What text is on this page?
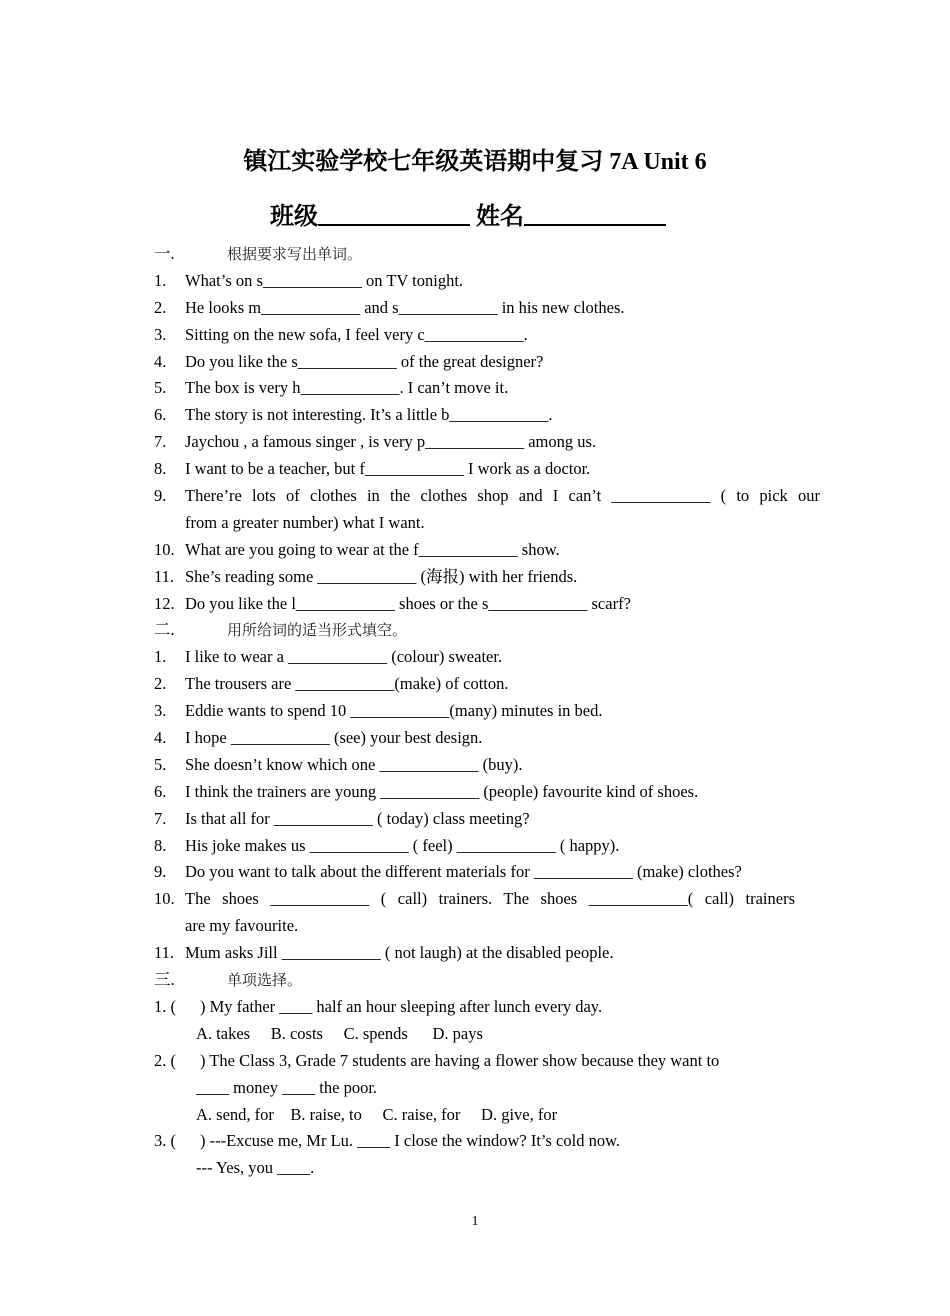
镇江实验学校七年级英语期中复习 7A Unit 6
班级	姓名
一.	根据要求写出单词。
1. What’s on s____________ on TV tonight.
2. He looks m____________ and s____________ in his new clothes.
3. Sitting on the new sofa, I feel very c____________.
4. Do you like the s____________ of the great designer?
5. The box is very h____________. I can’t move it.
6. The story is not interesting. It’s a little b____________.
7. Jaychou , a famous singer , is very p____________ among us.
8. I want to be a teacher, but f____________ I work as a doctor.
9. There’re lots of clothes in the clothes shop and I can’t ____________ ( to pick our
from a greater number) what I want.
10. What are you going to wear at the f____________ show.
11. She’s reading some ____________ (海报) with her friends.
12. Do you like the l____________ shoes or the s____________ scarf?
二.	用所给词的适当形式填空。
1. I like to wear a ____________ (colour) sweater.
2. The trousers are ____________(make) of cotton.
3. Eddie wants to spend 10 ____________(many) minutes in bed.
4. I hope ____________ (see) your best design.
5. She doesn’t know which one ____________ (buy).
6. I think the trainers are young ____________ (people) favourite kind of shoes.
7. Is that all for ____________ ( today) class meeting?
8. His joke makes us ____________ ( feel) ____________ ( happy).
9. Do you want to talk about the different materials for ____________ (make) clothes?
10. The shoes ____________ ( call) trainers. The shoes ____________( call) trainers
are my favourite.
11. Mum asks Jill ____________ ( not laugh) at the disabled people.
三.	单项选择。
1. ( ) My father ____ half an hour sleeping after lunch every day.
A. takes     B. costs     C. spends      D. pays
2. ( ) The Class 3, Grade 7 students are having a flower show because they want to
____ money ____ the poor.
A. send, for    B. raise, to     C. raise, for     D. give, for
3. ( ) ---Excuse me, Mr Lu. ____ I close the window? It’s cold now.
--- Yes, you ____.
1
